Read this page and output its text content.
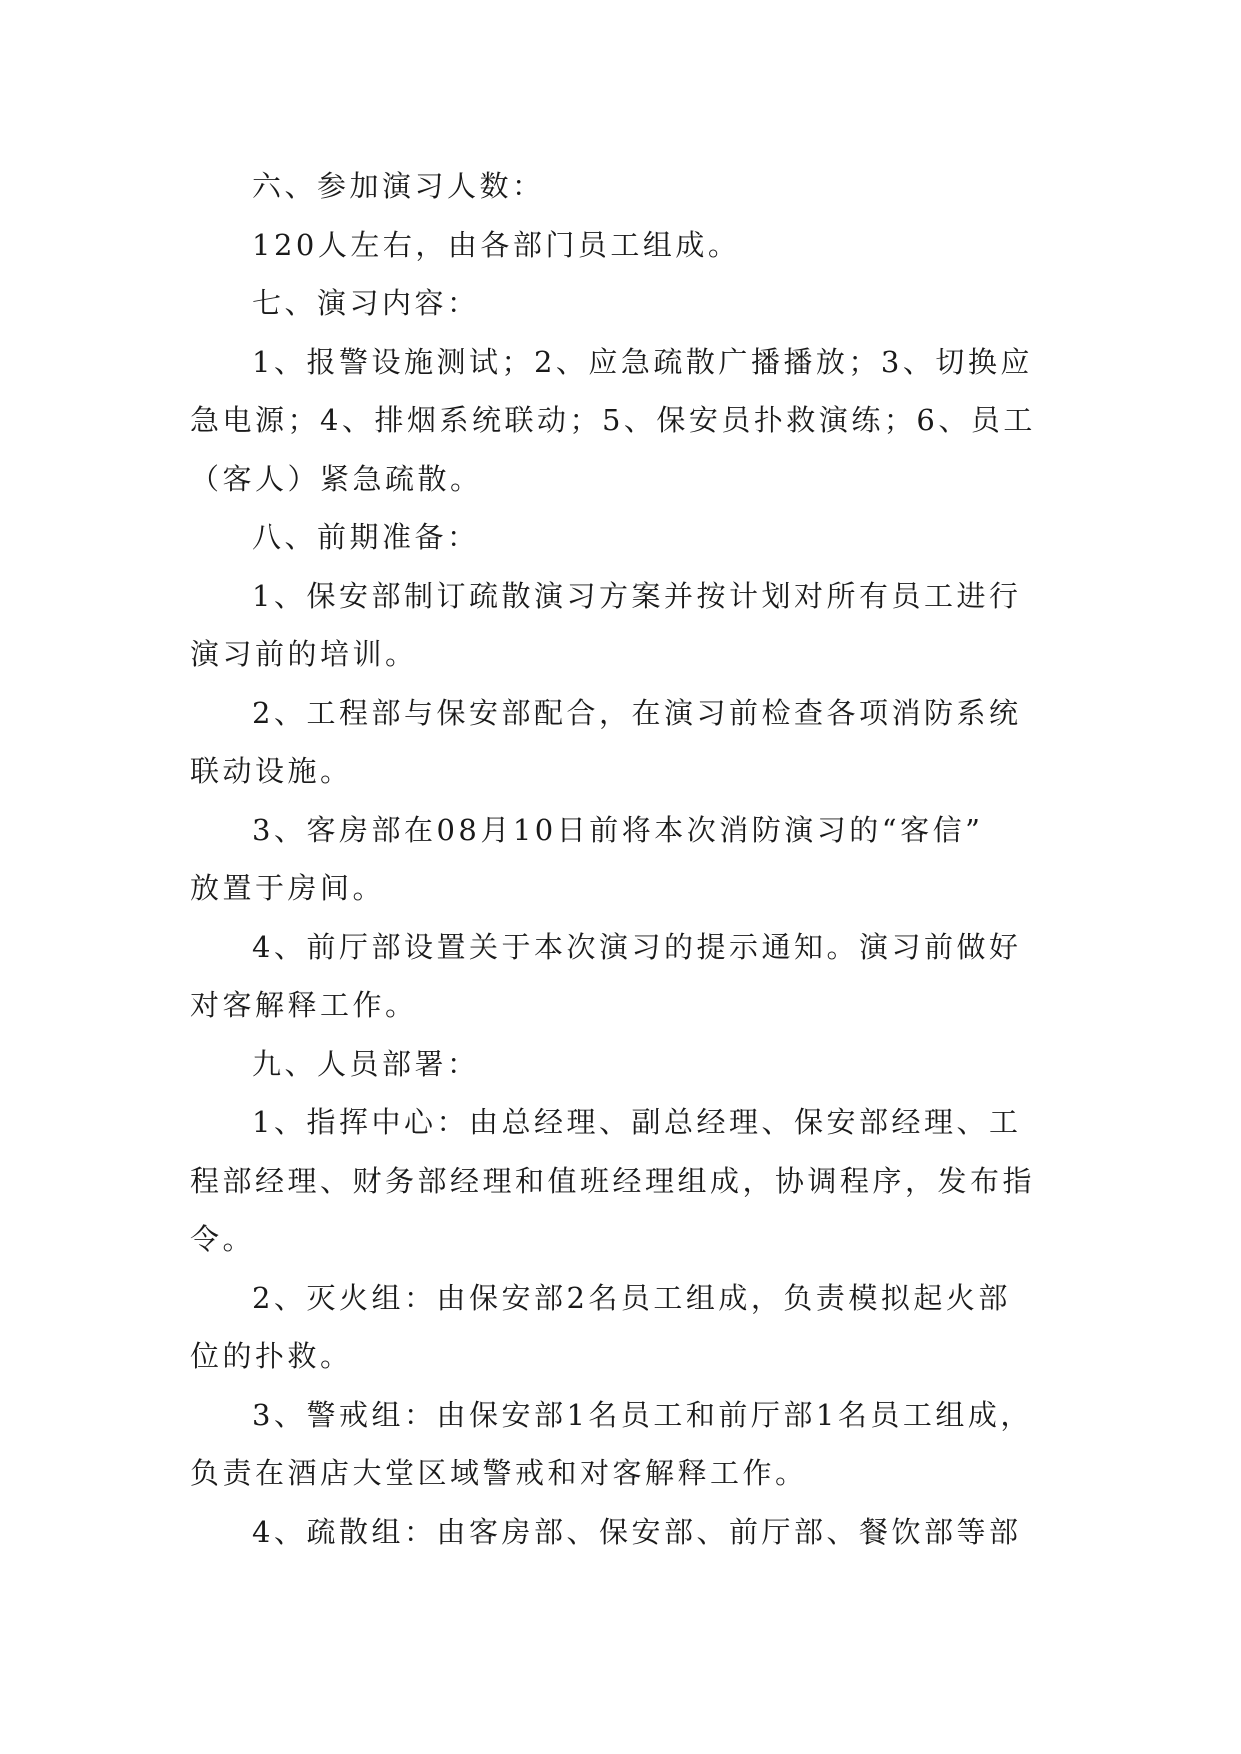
六、参加演习人数：
120人左右，由各部门员工组成。
七、演习内容：
1、报警设施测试；2、应急疏散广播播放；3、切换应
急电源；4、排烟系统联动；5、保安员扑救演练；6、员工
（客人）紧急疏散。
八、前期准备：
1、保安部制订疏散演习方案并按计划对所有员工进行
演习前的培训。
2、工程部与保安部配合，在演习前检查各项消防系统
联动设施。
3、客房部在08月10日前将本次消防演习的“客信”
放置于房间。
4、前厅部设置关于本次演习的提示通知。演习前做好
对客解释工作。
九、人员部署：
1、指挥中心：由总经理、副总经理、保安部经理、工
程部经理、财务部经理和值班经理组成，协调程序，发布指
令。
2、灭火组：由保安部2名员工组成，负责模拟起火部
位的扑救。
3、警戒组：由保安部1名员工和前厅部1名员工组成，
负责在酒店大堂区域警戒和对客解释工作。
4、疏散组：由客房部、保安部、前厅部、餐饮部等部
